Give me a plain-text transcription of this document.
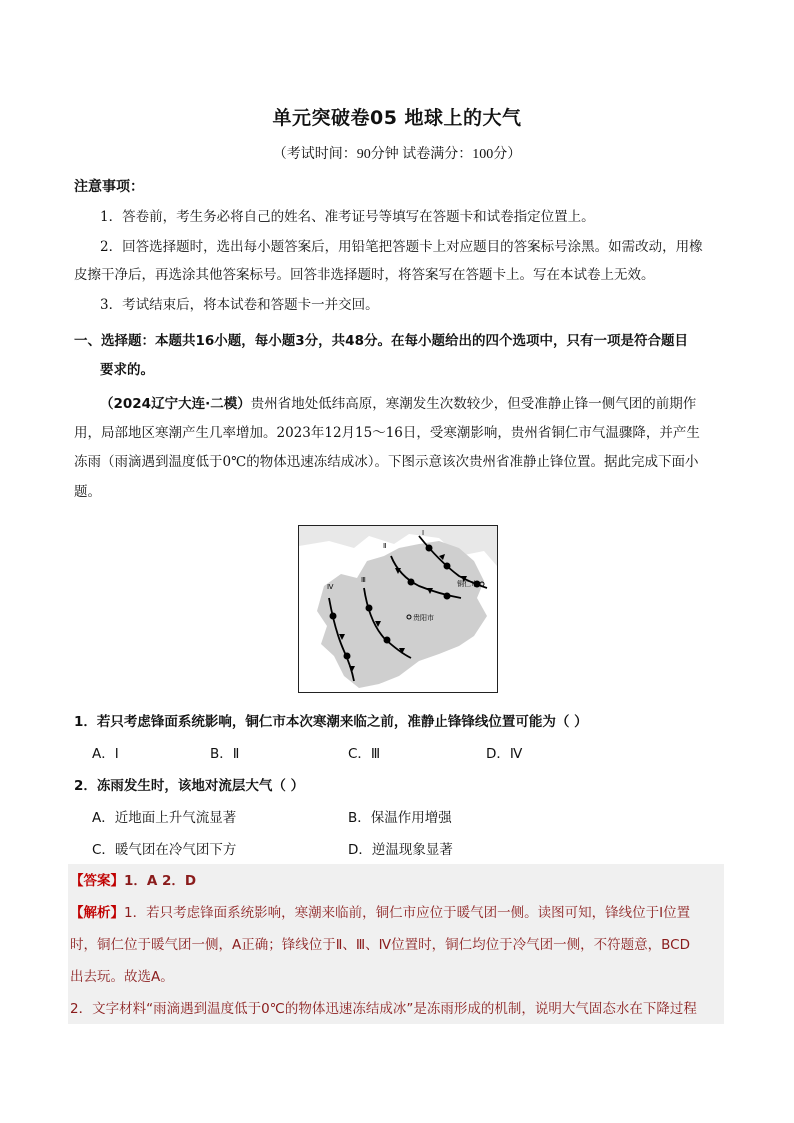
单元突破卷05 地球上的大气
（考试时间：90分钟 试卷满分：100分）
注意事项：
1．答卷前，考生务必将自己的姓名、准考证号等填写在答题卡和试卷指定位置上。
2．回答选择题时，选出每小题答案后，用铅笔把答题卡上对应题目的答案标号涂黑。如需改动，用橡
皮擦干净后，再选涂其他答案标号。回答非选择题时，将答案写在答题卡上。写在本试卷上无效。
3．考试结束后，将本试卷和答题卡一并交回。
一、选择题：本题共16小题，每小题3分，共48分。在每小题给出的四个选项中，只有一项是符合题目
要求的。
（2024辽宁大连·二模）贵州省地处低纬高原，寒潮发生次数较少，但受准静止锋一侧气团的前期作
用，局部地区寒潮产生几率增加。2023年12月15～16日，受寒潮影响，贵州省铜仁市气温骤降，并产生
冻雨（雨滴遇到温度低于0℃的物体迅速冻结成冰）。下图示意该次贵州省准静止锋位置。据此完成下面小
题。
Ⅰ
Ⅱ
Ⅲ
Ⅳ	铜仁市
贵阳市
1．若只考虑锋面系统影响，铜仁市本次寒潮来临之前，准静止锋锋线位置可能为（ ）
A．Ⅰ	B．Ⅱ	C．Ⅲ	D．Ⅳ
2．冻雨发生时，该地对流层大气（ ）
A．近地面上升气流显著	B．保温作用增强
C．暖气团在冷气团下方	D．逆温现象显著
【答案】1．A 2．D
【解析】1．若只考虑锋面系统影响，寒潮来临前，铜仁市应位于暖气团一侧。读图可知，锋线位于Ⅰ位置
时，铜仁位于暖气团一侧，A正确；锋线位于Ⅱ、Ⅲ、Ⅳ位置时，铜仁均位于冷气团一侧，不符题意，BCD
出去玩。故选A。
2．文字材料“雨滴遇到温度低于0℃的物体迅速冻结成冰”是冻雨形成的机制，说明大气固态水在下降过程
